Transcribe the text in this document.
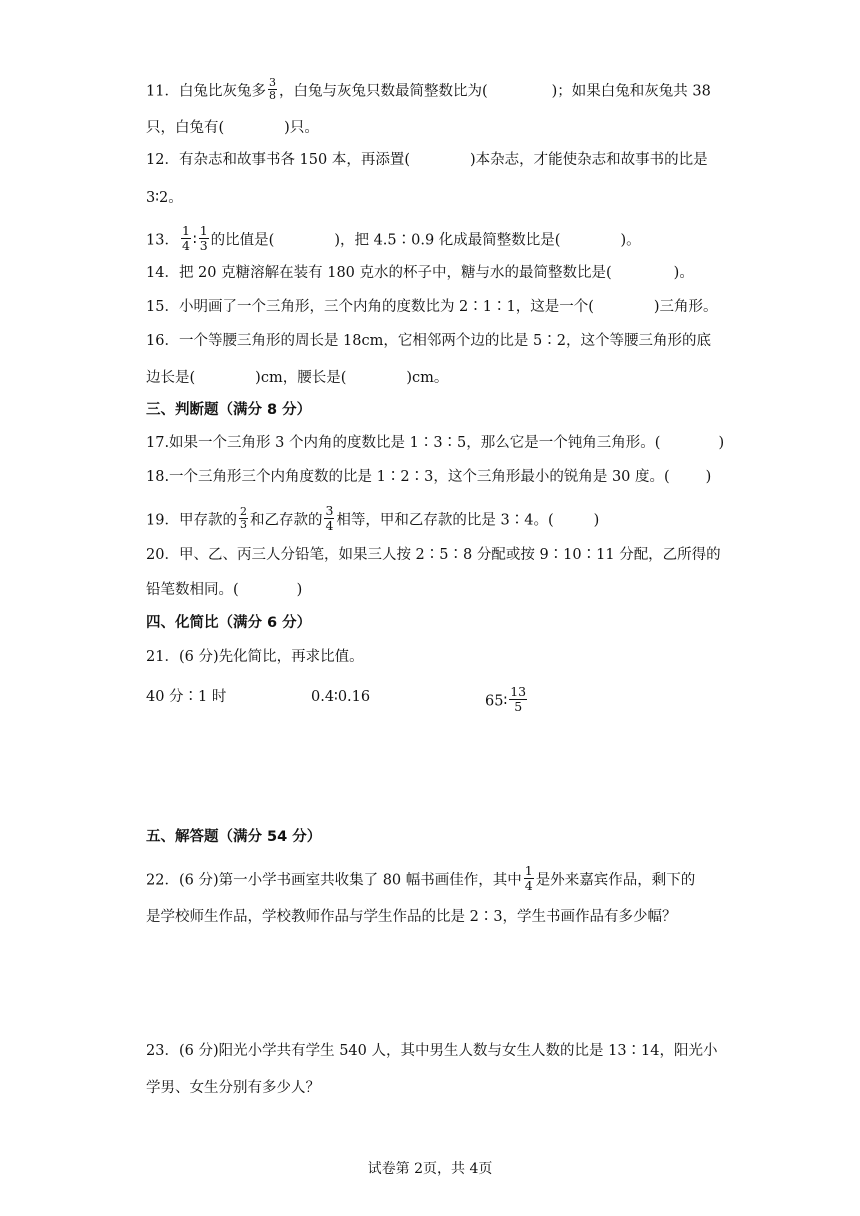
11．白兔比灰兔多 $\frac{3}{8}$ ，白兔与灰兔只数最简整数比为(	)；如果白兔和灰兔共 38
只，白兔有(	)只。
12．有杂志和故事书各 150 本，再添置(	)本杂志，才能使杂志和故事书的比是
3∶2。
13． $\frac{1}{4}$ ∶ $\frac{1}{3}$ 的比值是(	)，把 4.5∶0.9 化成最简整数比是(	)。
14．把 20 克糖溶解在装有 180 克水的杯子中，糖与水的最简整数比是(	)。
15．小明画了一个三角形，三个内角的度数比为 2∶1∶1，这是一个(	)三角形。
16．一个等腰三角形的周长是 18cm，它相邻两个边的比是 5∶2，这个等腰三角形的底
边长是(	)cm，腰长是(	)cm。
三、判断题（满分 8 分）
17.如果一个三角形 3 个内角的度数比是 1∶3∶5，那么它是一个钝角三角形。(	)
18.一个三角形三个内角度数的比是 1∶2∶3，这个三角形最小的锐角是 30 度。( )
19．甲存款的 $\frac{2}{3}$ 和乙存款的 $\frac{3}{4}$ 相等，甲和乙存款的比是 3∶4。(	)
20．甲、乙、丙三人分铅笔，如果三人按 2∶5∶8 分配或按 9∶10∶11 分配，乙所得的
铅笔数相同。(	)
四、化简比（满分 6 分）
21．(6 分)先化简比，再求比值。
40 分∶1 时	0.4∶0.16	65∶ $\frac{13}{5}$
五、解答题（满分 54 分）
22．(6 分)第一小学书画室共收集了 80 幅书画佳作，其中 $\frac{1}{4}$ 是外来嘉宾作品，剩下的
是学校师生作品，学校教师作品与学生作品的比是 2∶3，学生书画作品有多少幅？
23．(6 分)阳光小学共有学生 540 人，其中男生人数与女生人数的比是 13∶14，阳光小
学男、女生分别有多少人？
试卷第 2页，共 4页
